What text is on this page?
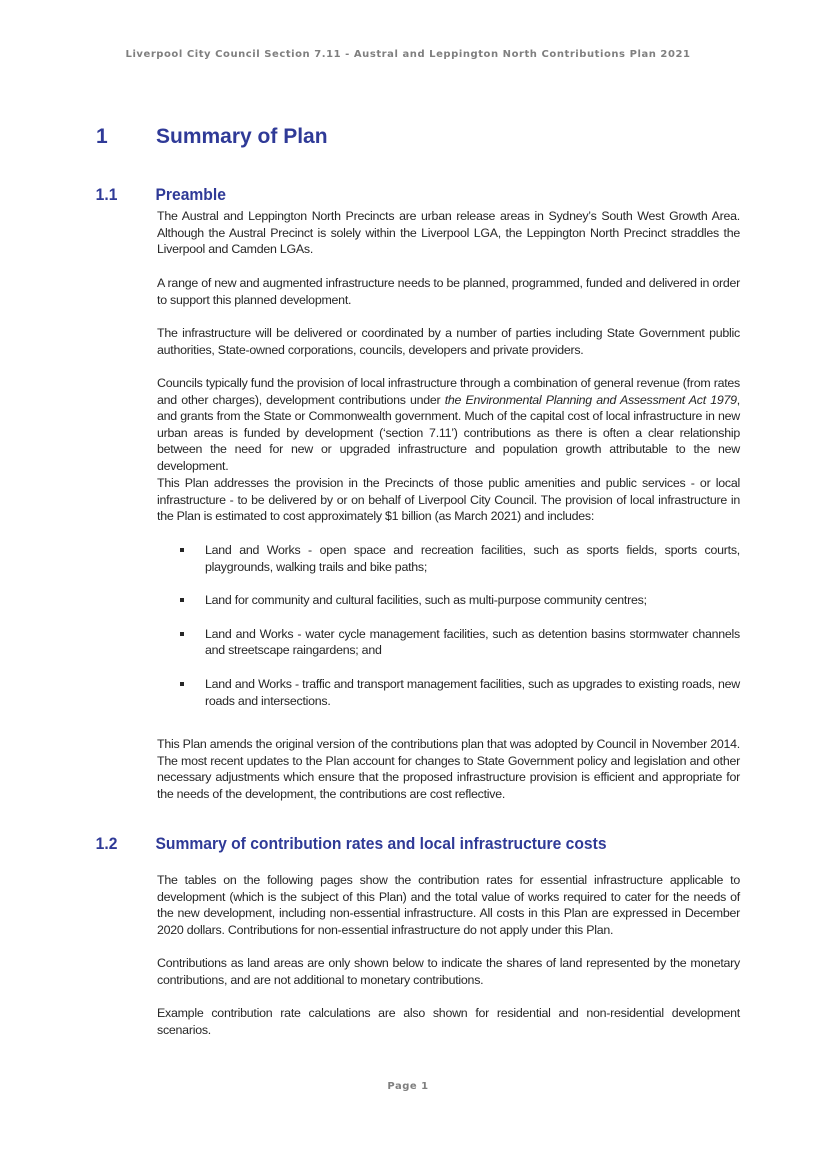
Liverpool City Council Section 7.11 - Austral and Leppington North Contributions Plan 2021
1 Summary of Plan
1.1 Preamble

The Austral and Leppington North Precincts are urban release areas in Sydney’s South West Growth Area. Although the Austral Precinct is solely within the Liverpool LGA, the Leppington North Precinct straddles the Liverpool and Camden LGAs.

A range of new and augmented infrastructure needs to be planned, programmed, funded and delivered in order to support this planned development.

The infrastructure will be delivered or coordinated by a number of parties including State Government public authorities, State-owned corporations, councils, developers and private providers.

Councils typically fund the provision of local infrastructure through a combination of general revenue (from rates and other charges), development contributions under the Environmental Planning and Assessment Act 1979, and grants from the State or Commonwealth government. Much of the capital cost of local infrastructure in new urban areas is funded by development (‘section 7.11’) contributions as there is often a clear relationship between the need for new or upgraded infrastructure and population growth attributable to the new development.

This Plan addresses the provision in the Precincts of those public amenities and public services - or local infrastructure - to be delivered by or on behalf of Liverpool City Council. The provision of local infrastructure in the Plan is estimated to cost approximately $1 billion (as March 2021) and includes:

Land and Works - open space and recreation facilities, such as sports fields, sports courts, playgrounds, walking trails and bike paths;
Land for community and cultural facilities, such as multi-purpose community centres;
Land and Works - water cycle management facilities, such as detention basins stormwater channels and streetscape raingardens; and
Land and Works - traffic and transport management facilities, such as upgrades to existing roads, new roads and intersections.

This Plan amends the original version of the contributions plan that was adopted by Council in November 2014. The most recent updates to the Plan account for changes to State Government policy and legislation and other necessary adjustments which ensure that the proposed infrastructure provision is efficient and appropriate for the needs of the development, the contributions are cost reflective.

1.2 Summary of contribution rates and local infrastructure costs

The tables on the following pages show the contribution rates for essential infrastructure applicable to development (which is the subject of this Plan) and the total value of works required to cater for the needs of the new development, including non-essential infrastructure. All costs in this Plan are expressed in December 2020 dollars. Contributions for non-essential infrastructure do not apply under this Plan.

Contributions as land areas are only shown below to indicate the shares of land represented by the monetary contributions, and are not additional to monetary contributions.

Example contribution rate calculations are also shown for residential and non-residential development scenarios.

Page 1
